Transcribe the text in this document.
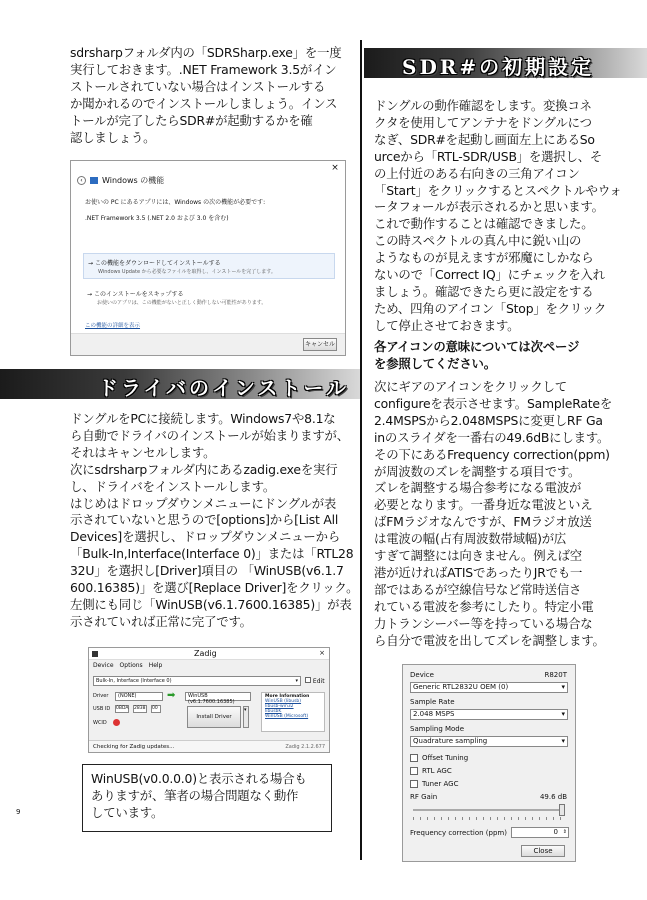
sdrsharpフォルダ内の「SDRSharp.exe」を一度
実行しておきます。.NET Framework 3.5がイン
ストールされていない場合はインストールする
か聞かれるのでインストールしましょう。インス
トールが完了したらSDR#が起動するかを確
認しましょう。

×
‹	Windows の機能
お使いの PC にあるアプリには、Windows の次の機能が必要です:
.NET Framework 3.5 (.NET 2.0 および 3.0 を含む)
→ この機能をダウンロードしてインストールする
Windows Update から必要なファイルを取得し、インストールを完了します。
→ このインストールをスキップする
お使いのアプリは、この機能がないと正しく動作しない可能性があります。
この機能の詳細を表示
キャンセル
ドライバのインストール

ドングルをPCに接続します。Windows7や8.1な
ら自動でドライバのインストールが始まりますが、
それはキャンセルします。
次にsdrsharpフォルダ内にあるzadig.exeを実行
し、ドライバをインストールします。
はじめはドロップダウンメニューにドングルが表
示されていないと思うので[options]から[List All
Devices]を選択し、ドロップダウンメニューから
「Bulk-In,Interface(Interface 0)」または「RTL28
32U」を選択し[Driver]項目の 「WinUSB(v6.1.7
600.16385)」を選び[Replace Driver]をクリック。
左側にも同じ「WinUSB(v6.1.7600.16385)」が表
示されていれば正常に完了です。

Zadig	×
Device Options Help
Bulk-In, Interface (Interface 0)	▾	Edit
Driver	(NONE)	➡	WinUSB (v6.1.7600.16385)
USB ID 0BDA 2838	00
WCID
Install Driver
▾
More Information
WinUSB (libusb)
libusb-win32
libusbK
WinUSB (Microsoft)
Checking for Zadig updates...	Zadig 2.1.2.677

WinUSB(v0.0.0.0)と表示される場合も
ありますが、筆者の場合問題なく動作
しています。

9
SDR#の初期設定

ドングルの動作確認をします。変換コネ
クタを使用してアンテナをドングルにつ
なぎ、SDR#を起動し画面左上にあるSo
urceから「RTL-SDR/USB」を選択し、そ
の上付近のある右向きの三角アイコン
「Start」をクリックするとスペクトルやウォ
ータフォールが表示されるかと思います。
これで動作することは確認できました。
この時スペクトルの真ん中に鋭い山の
ようなものが見えますが邪魔にしかなら
ないので「Correct IQ」にチェックを入れ
ましょう。確認できたら更に設定をする
ため、四角のアイコン「Stop」をクリック
して停止させておきます。

各アイコンの意味については次ページ
を参照してください。

次にギアのアイコンをクリックして
configureを表示させます。SampleRateを
2.4MSPSから2.048MSPSに変更しRF Ga
inのスライダを一番右の49.6dBにします。
その下にあるFrequency correction(ppm)
が周波数のズレを調整する項目です。
ズレを調整する場合参考になる電波が
必要となります。一番身近な電波といえ
ばFMラジオなんですが、FMラジオ放送
は電波の幅(占有周波数帯域幅)が広
すぎて調整には向きません。例えば空
港が近ければATISであったりJRでも一
部ではあるが空線信号など常時送信さ
れている電波を参考にしたり。特定小電
力トランシーバー等を持っている場合な
ら自分で電波を出してズレを調整します。

Device	R820T
Generic RTL2832U OEM (0)	▾
Sample Rate
2.048 MSPS	▾
Sampling Mode
Quadrature sampling	▾
Offset Tuning
RTL AGC
Tuner AGC
RF Gain	49.6 dB
Frequency correction (ppm)	0 ⇕
Close
